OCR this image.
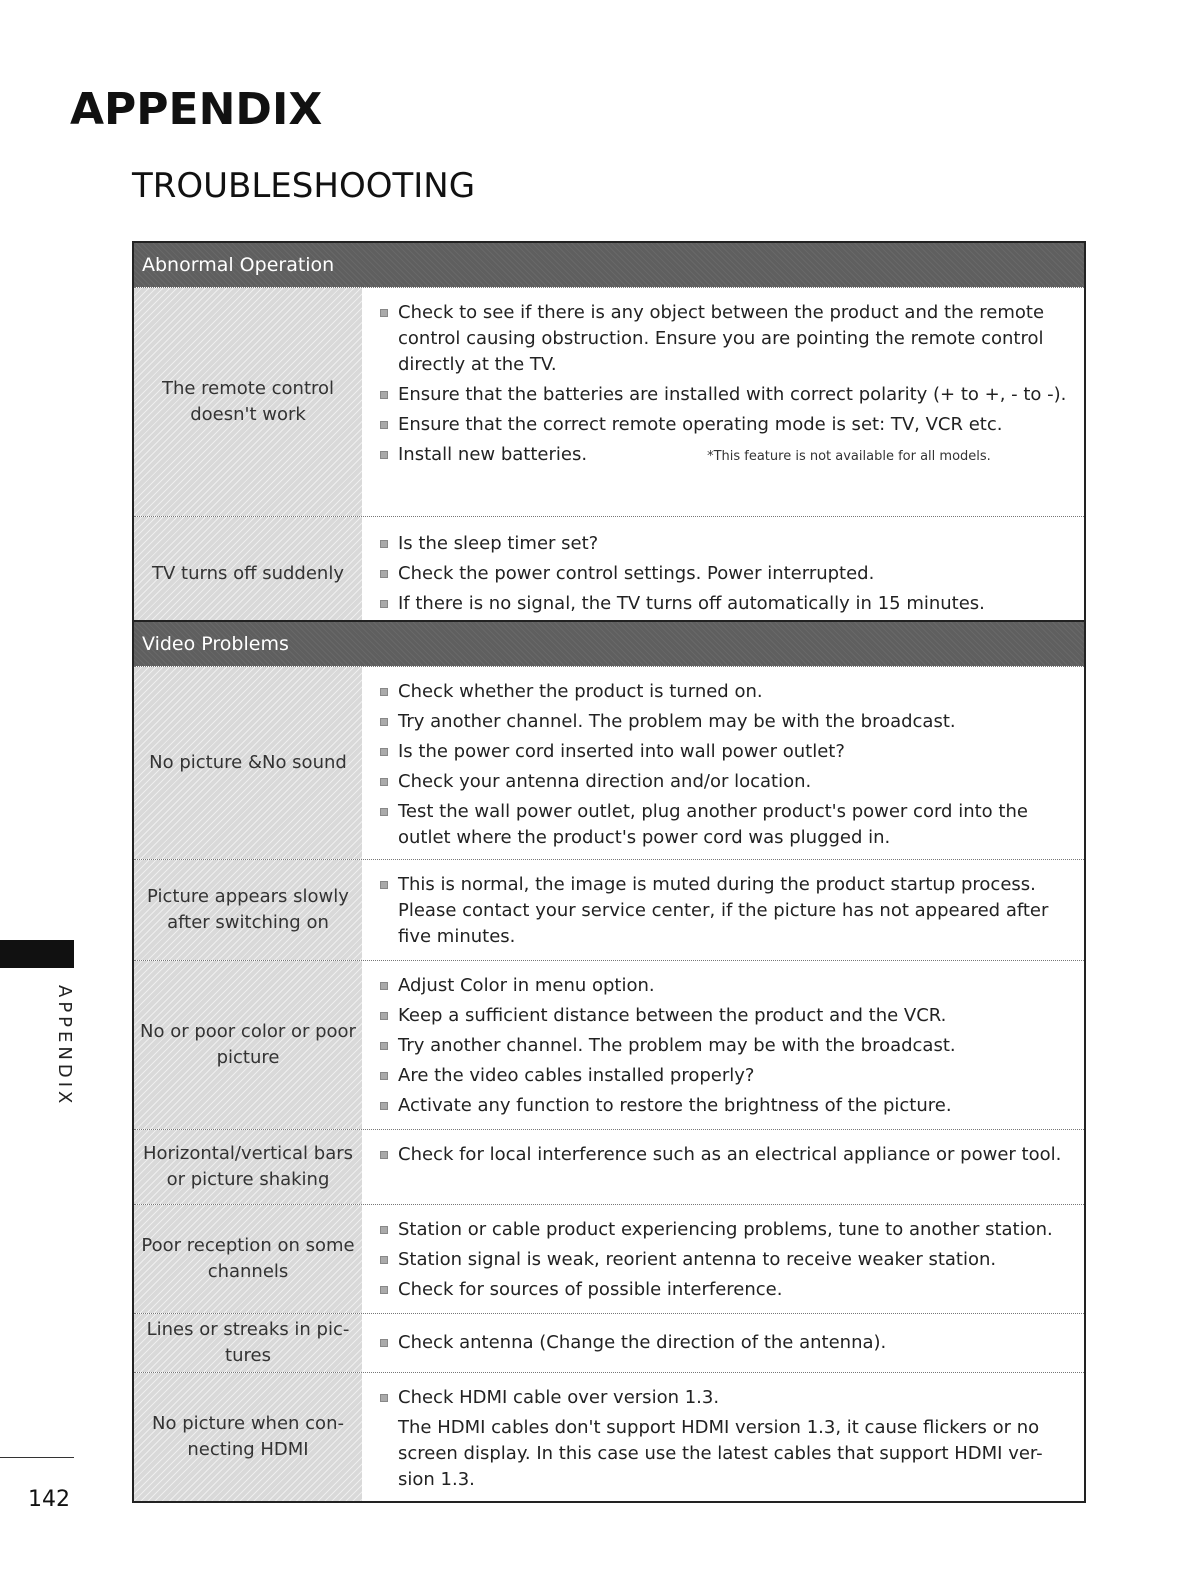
APPENDIX
TROUBLESHOOTING
Abnormal Operation
The remote control doesn't work
Check to see if there is any object between the product and the remote control causing obstruction. Ensure you are pointing the remote control directly at the TV.
Ensure that the batteries are installed with correct polarity (+ to +, - to -).
Ensure that the correct remote operating mode is set: TV, VCR etc.
Install new batteries.	*This feature is not available for all models.
TV turns off suddenly
Is the sleep timer set?
Check the power control settings. Power interrupted.
If there is no signal, the TV turns off automatically in 15 minutes.
Video Problems
No picture &No sound
Check whether the product is turned on.
Try another channel. The problem may be with the broadcast.
Is the power cord inserted into wall power outlet?
Check your antenna direction and/or location.
Test the wall power outlet, plug another product's power cord into the outlet where the product's power cord was plugged in.
Picture appears slowly after switching on
This is normal, the image is muted during the product startup process. Please contact your service center, if the picture has not appeared after five minutes.
No or poor color or poor picture
Adjust Color in menu option.
Keep a sufficient distance between the product and the VCR.
Try another channel. The problem may be with the broadcast.
Are the video cables installed properly?
Activate any function to restore the brightness of the picture.
Horizontal/vertical bars or picture shaking
Check for local interference such as an electrical appliance or power tool.
Poor reception on some channels
Station or cable product experiencing problems, tune to another station.
Station signal is weak, reorient antenna to receive weaker station.
Check for sources of possible interference.
Lines or streaks in pic-tures
Check antenna (Change the direction of the antenna).
No picture when con-necting HDMI
Check HDMI cable over version 1.3.
The HDMI cables don't support HDMI version 1.3, it cause flickers or no screen display. In this case use the latest cables that support HDMI ver-sion 1.3.
APPENDIX

142
